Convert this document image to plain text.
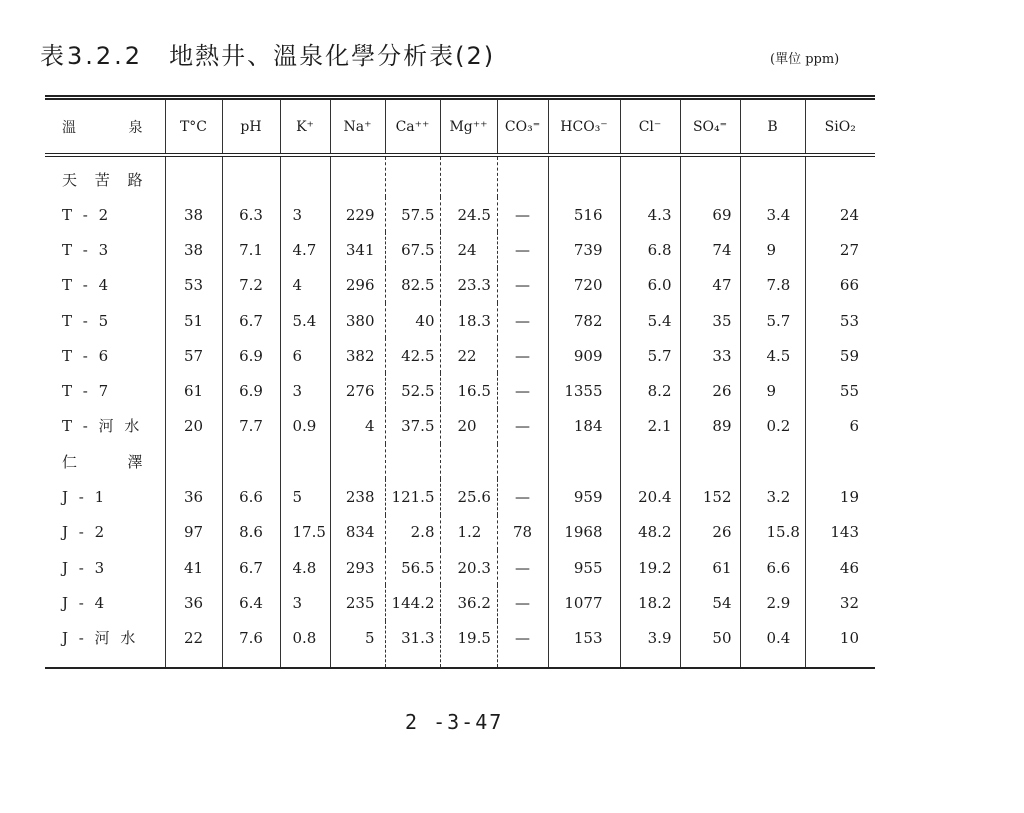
表3.2.2 地熱井、溫泉化學分析表(2)	(單位 ppm)
溫 泉	T°C	pH	K⁺	Na⁺	Ca⁺⁺	Mg⁺⁺	CO₃⁼	HCO₃⁻	Cl⁻	SO₄⁼	B	SiO₂
天 苦 路												
T - 2	38	6.3	3	229	57.5	24.5	—	516	4.3	69	3.4	24
T - 3	38	7.1	4.7	341	67.5	24	—	739	6.8	74	9	27
T - 4	53	7.2	4	296	82.5	23.3	—	720	6.0	47	7.8	66
T - 5	51	6.7	5.4	380	40	18.3	—	782	5.4	35	5.7	53
T - 6	57	6.9	6	382	42.5	22	—	909	5.7	33	4.5	59
T - 7	61	6.9	3	276	52.5	16.5	—	1355	8.2	26	9	55
T - 河 水	20	7.7	0.9	4	37.5	20	—	184	2.1	89	0.2	6
仁 澤												
J - 1	36	6.6	5	238	121.5	25.6	—	959	20.4	152	3.2	19
J - 2	97	8.6	17.5	834	2.8	1.2	78	1968	48.2	26	15.8	143
J - 3	41	6.7	4.8	293	56.5	20.3	—	955	19.2	61	6.6	46
J - 4	36	6.4	3	235	144.2	36.2	—	1077	18.2	54	2.9	32
J - 河 水	22	7.6	0.8	5	31.3	19.5	—	153	3.9	50	0.4	10
2 -3-47
